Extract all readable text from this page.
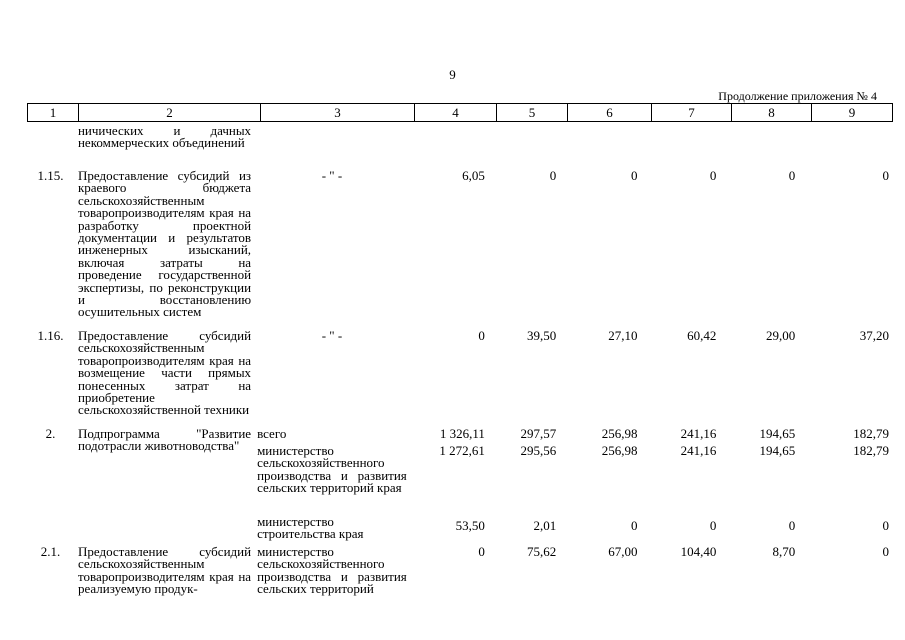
9
Продолжение приложения № 4
1	2	3	4	5	6	7	8	9
	ничических и дачных некоммерческих объединений							
1.15.	Предоставление субсидий из краевого бюджета сельскохозяйственным товаропроизводителям края на разработку проектной документации и результатов инженерных изысканий, включая затраты на проведение государственной экспертизы, по реконструкции и восстановлению осушительных систем	- " -	6,05	0	0	0	0	0
1.16.	Предоставление субсидий сельскохозяйственным товаропроизводителям края на возмещение части прямых понесенных затрат на приобретение сельскохозяйственной техники	- " -	0	39,50	27,10	60,42	29,00	37,20
2.	Подпрограмма "Развитие подотрасли животноводства"	всего	1 326,11	297,57	256,98	241,16	194,65	182,79
		министерство сельскохозяйственного производства и развития сельских территорий края	1 272,61	295,56	256,98	241,16	194,65	182,79
		министерство строительства края	53,50	2,01	0	0	0	0
2.1.	Предоставление субсидий сельскохозяйственным товаропроизводителям края на реализуемую продук-	министерство сельскохозяйственного производства и развития сельских территорий	0	75,62	67,00	104,40	8,70	0
